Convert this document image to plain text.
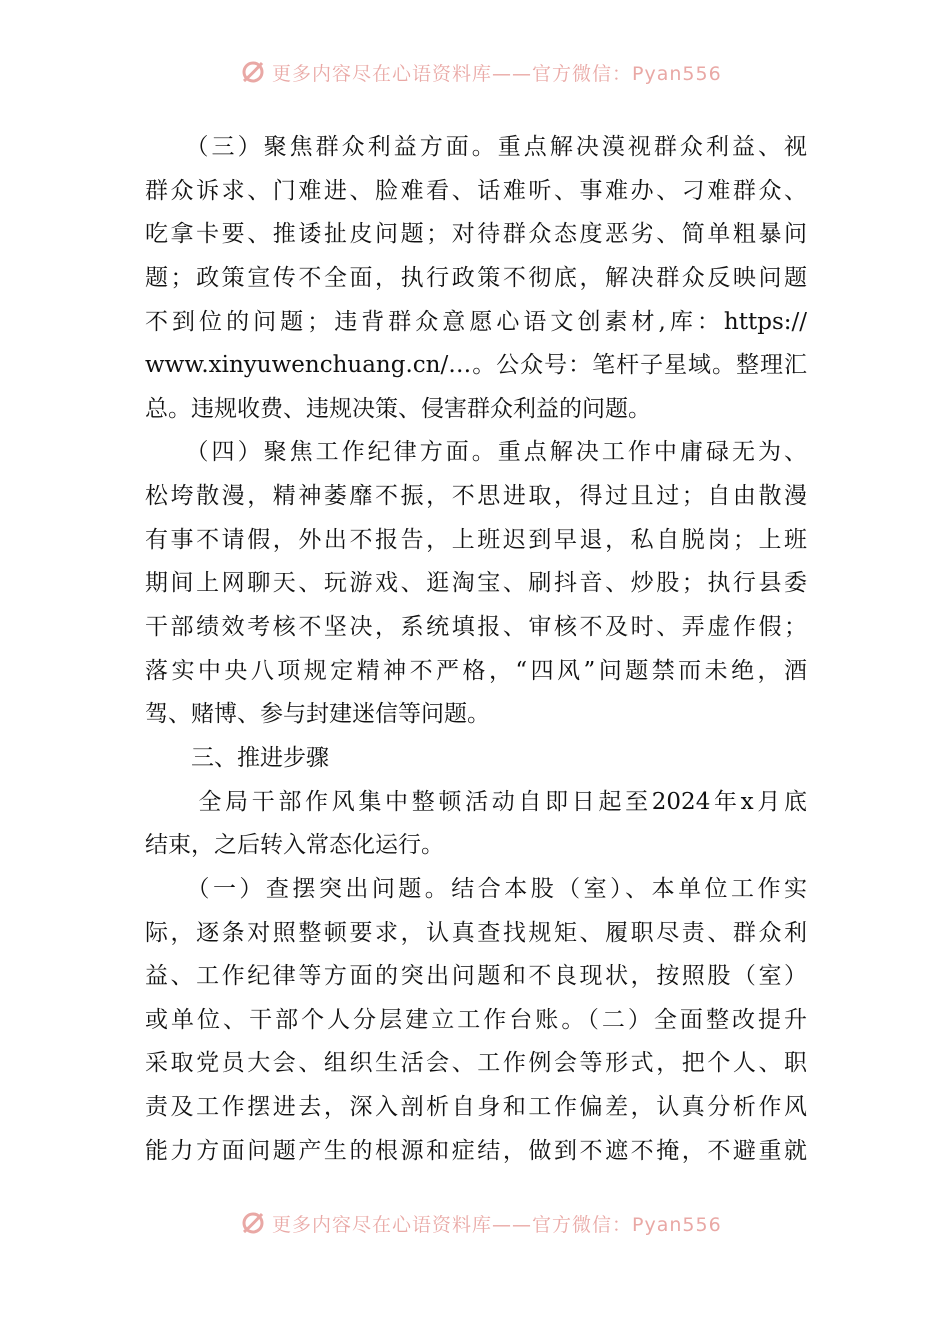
更多内容尽在心语资料库——官方微信：Pyan556
　　（三）聚焦群众利益方面。重点解决漠视群众利益、视
群众诉求、门难进、脸难看、话难听、事难办、刁难群众、
吃拿卡要、推诿扯皮问题；对待群众态度恶劣、简单粗暴问
题；政策宣传不全面，执行政策不彻底，解决群众反映问题
不到位的问题；违背群众意愿心语文创素材,库：https://
www.xinyuwenchuang.cn/…。公众号：笔杆子星域。整理汇
总。违规收费、违规决策、侵害群众利益的问题。
　　（四）聚焦工作纪律方面。重点解决工作中庸碌无为、
松垮散漫，精神萎靡不振，不思进取，得过且过；自由散漫
有事不请假，外出不报告，上班迟到早退，私自脱岗；上班
期间上网聊天、玩游戏、逛淘宝、刷抖音、炒股；执行县委
干部绩效考核不坚决，系统填报、审核不及时、弄虚作假；
落实中央八项规定精神不严格，“四风”问题禁而未绝，酒
驾、赌博、参与封建迷信等问题。
　　三、推进步骤
　　全局干部作风集中整顿活动自即日起至2024年x月底
结束，之后转入常态化运行。
　　（一）查摆突出问题。结合本股（室）、本单位工作实
际，逐条对照整顿要求，认真查找规矩、履职尽责、群众利
益、工作纪律等方面的突出问题和不良现状，按照股（室）
或单位、干部个人分层建立工作台账。（二）全面整改提升
采取党员大会、组织生活会、工作例会等形式，把个人、职
责及工作摆进去，深入剖析自身和工作偏差，认真分析作风
能力方面问题产生的根源和症结，做到不遮不掩，不避重就
更多内容尽在心语资料库——官方微信：Pyan556
